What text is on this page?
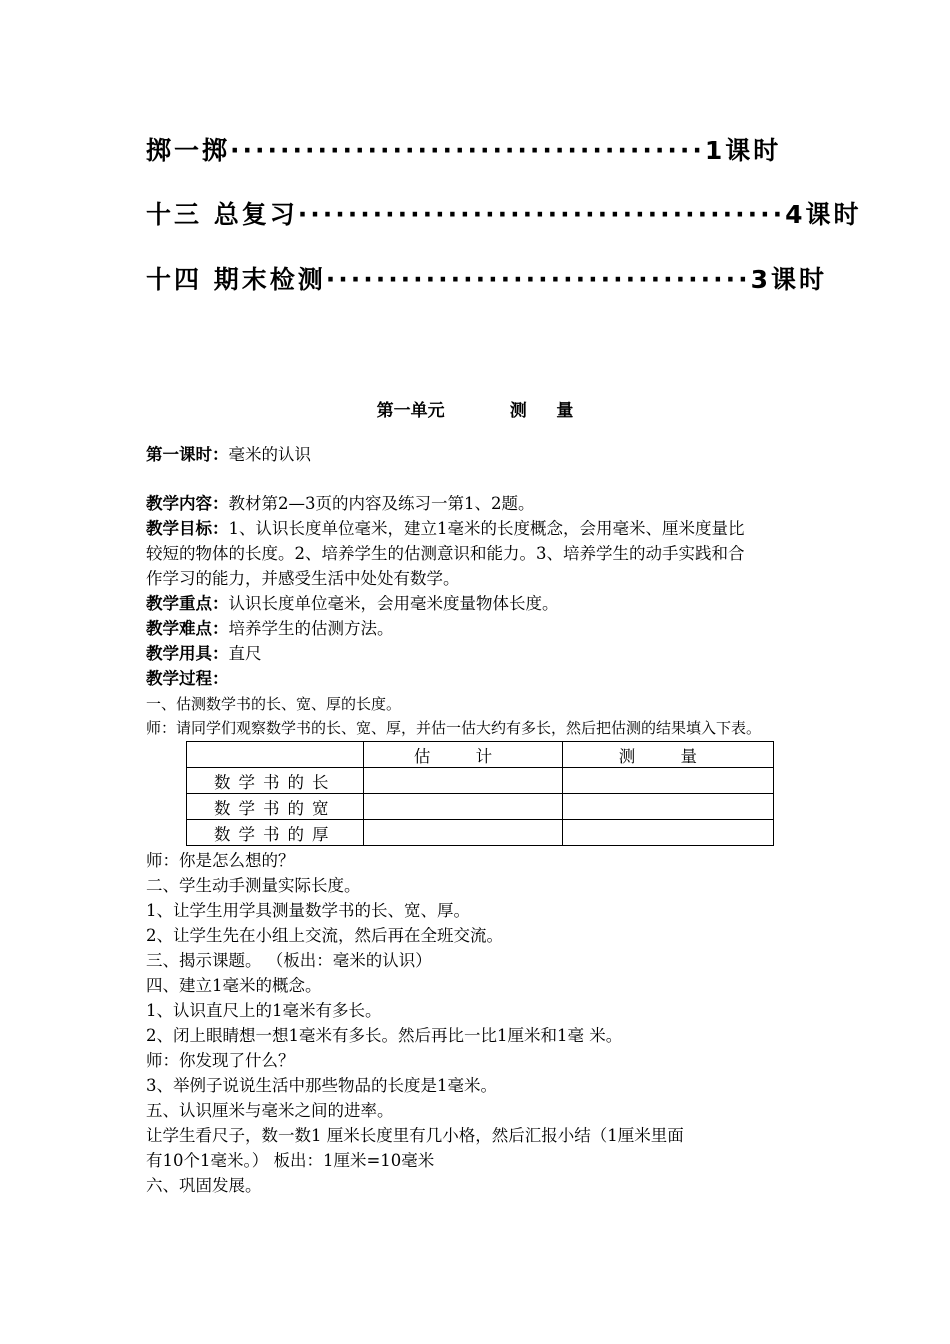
掷一掷······································1课时
十三 总复习·······································4课时
十四 期末检测··································3课时
第一单元           测     量
第一课时：毫米的认识
教学内容：教材第2—3页的内容及练习一第1、2题。
教学目标：1、认识长度单位毫米，建立1毫米的长度概念，会用毫米、厘米度量比
较短的物体的长度。2、培养学生的估测意识和能力。3、培养学生的动手实践和合
作学习的能力，并感受生活中处处有数学。
教学重点：认识长度单位毫米，会用毫米度量物体长度。
教学难点：培养学生的估测方法。
教学用具：直尺
教学过程：
一、估测数学书的长、宽、厚的长度。
师：请同学们观察数学书的长、宽、厚，并估一估大约有多长，然后把估测的结果填入下表。
	估 计	测 量
数学书的长		
数学书的宽		
数学书的厚		
师：你是怎么想的？
二、学生动手测量实际长度。
1、让学生用学具测量数学书的长、宽、厚。
2、让学生先在小组上交流，然后再在全班交流。
三、揭示课题。 （板出：毫米的认识）
四、建立1毫米的概念。
1、认识直尺上的1毫米有多长。
2、闭上眼睛想一想1毫米有多长。然后再比一比1厘米和1毫 米。
师：你发现了什么？
3、举例子说说生活中那些物品的长度是1毫米。
五、认识厘米与毫米之间的进率。
让学生看尺子，数一数1 厘米长度里有几小格，然后汇报小结（1厘米里面
有10个1毫米。） 板出：1厘米=10毫米
六、巩固发展。
